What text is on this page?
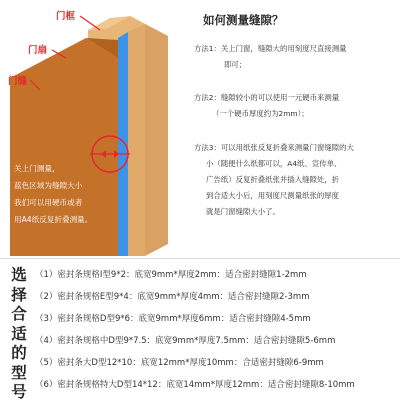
门框
门扇
门缝
关上门测量，
蓝色区域为缝隙大小
我们可以用硬币或者
用A4纸反复折叠测量。
如何测量缝隙？
方法1：关上门窗，缝隙大的用刻度尺直接测量
即可；
方法2：缝隙较小的可以使用一元硬币来测量
（一个硬币厚度约为2mm）；
方法3：可以用纸张反复折叠来测量门窗缝隙的大
小（随便什么纸都可以，A4纸、宣传单、
广告纸）反复折叠纸张并插入缝隙处，折
到合适大小后，用刻度尺测量纸张的厚度
就是门窗缝隙大小了。
选
择
合
适
的
型
号
（1）密封条规格I型9*2：底宽9mm*厚度2mm：适合密封缝隙1-2mm
（2）密封条规格E型9*4：底宽9mm*厚度4mm：适合密封缝隙2-3mm
（3）密封条规格D型9*6：底宽9mm*厚度6mm：适合密封缝隙4-5mm
（4）密封条规格中D型9*7.5：底宽9mm*厚度7.5mm：适合密封缝隙5-6mm
（5）密封条大D型12*10：底宽12mm*厚度10mm：合适密封缝隙6-9mm
（6）密封条规格特大D型14*12：底宽14mm*厚度12mm：适合密封缝隙8-10mm
